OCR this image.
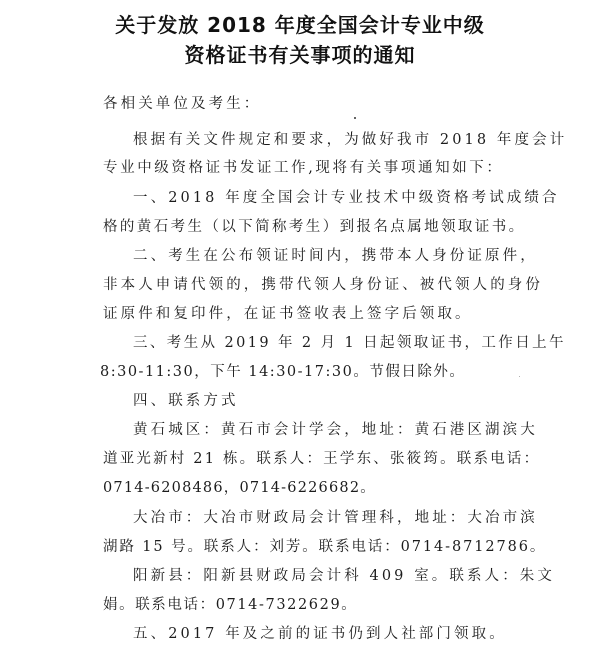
关于发放 2018 年度全国会计专业中级
资格证书有关事项的通知
各相关单位及考生：
根据有关文件规定和要求，为做好我市 2018 年度会计
专业中级资格证书发证工作,现将有关事项通知如下：
一、2018 年度全国会计专业技术中级资格考试成绩合
格的黄石考生（以下简称考生）到报名点属地领取证书。
二、考生在公布领证时间内，携带本人身份证原件，
非本人申请代领的，携带代领人身份证、被代领人的身份
证原件和复印件，在证书签收表上签字后领取。
三、考生从 2019 年 2 月 1 日起领取证书，工作日上午
8:30-11:30，下午 14:30-17:30。节假日除外。
四、联系方式
黄石城区：黄石市会计学会，地址：黄石港区湖滨大
道亚光新村 21 栋。联系人：王学东、张筱筠。联系电话：
0714-6208486，0714-6226682。
大冶市：大冶市财政局会计管理科，地址：大冶市滨
湖路 15 号。联系人：刘芳。联系电话：0714-8712786。
阳新县：阳新县财政局会计科 409 室。联系人：朱文
娟。联系电话：0714-7322629。
五、2017 年及之前的证书仍到人社部门领取。
